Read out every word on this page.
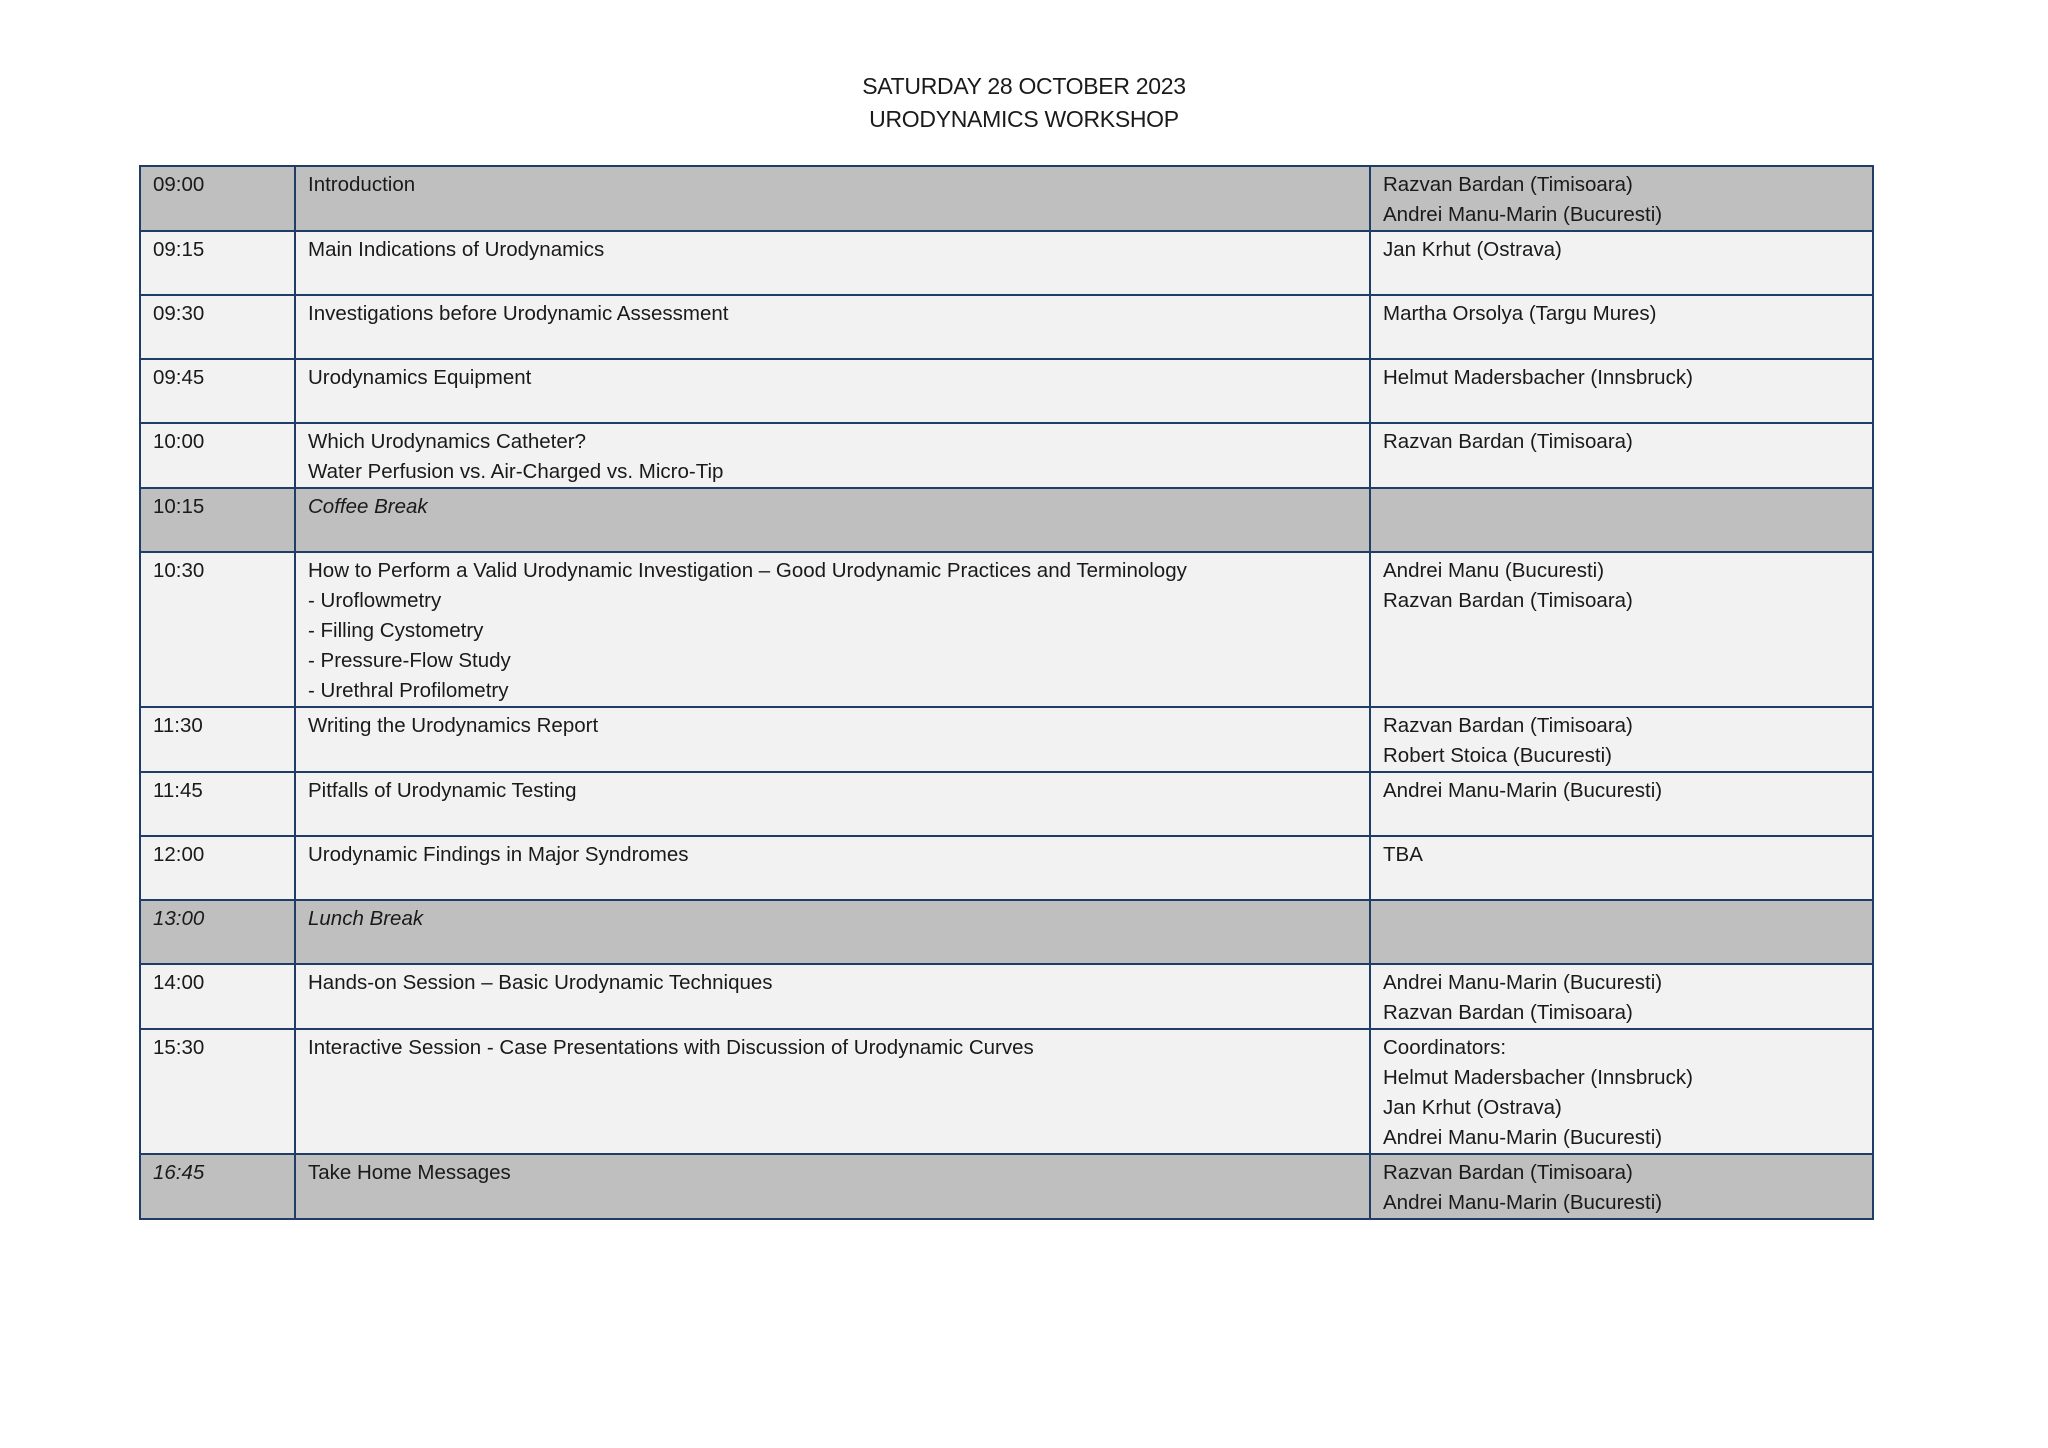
SATURDAY 28 OCTOBER 2023
URODYNAMICS WORKSHOP
09:00	Introduction	Razvan Bardan (Timisoara)
Andrei Manu-Marin (Bucuresti)

09:15	Main Indications of Urodynamics	Jan Krhut (Ostrava)

09:30	Investigations before Urodynamic Assessment	Martha Orsolya (Targu Mures)

09:45	Urodynamics Equipment	Helmut Madersbacher (Innsbruck)

10:00	Which Urodynamics Catheter?
Water Perfusion vs. Air-Charged vs. Micro-Tip	Razvan Bardan (Timisoara)

10:15	Coffee Break	

10:30	How to Perform a Valid Urodynamic Investigation – Good Urodynamic Practices and Terminology
- Uroflowmetry
- Filling Cystometry
- Pressure-Flow Study
- Urethral Profilometry	Andrei Manu (Bucuresti)
Razvan Bardan (Timisoara)

11:30	Writing the Urodynamics Report	Razvan Bardan (Timisoara)
Robert Stoica (Bucuresti)

11:45	Pitfalls of Urodynamic Testing	Andrei Manu-Marin (Bucuresti)

12:00	Urodynamic Findings in Major Syndromes	TBA

13:00	Lunch Break	

14:00	Hands-on Session – Basic Urodynamic Techniques	Andrei Manu-Marin (Bucuresti)
Razvan Bardan (Timisoara)

15:30	Interactive Session - Case Presentations with Discussion of Urodynamic Curves	Coordinators:
Helmut Madersbacher (Innsbruck)
Jan Krhut (Ostrava)
Andrei Manu-Marin (Bucuresti)

16:45	Take Home Messages	Razvan Bardan (Timisoara)
Andrei Manu-Marin (Bucuresti)
